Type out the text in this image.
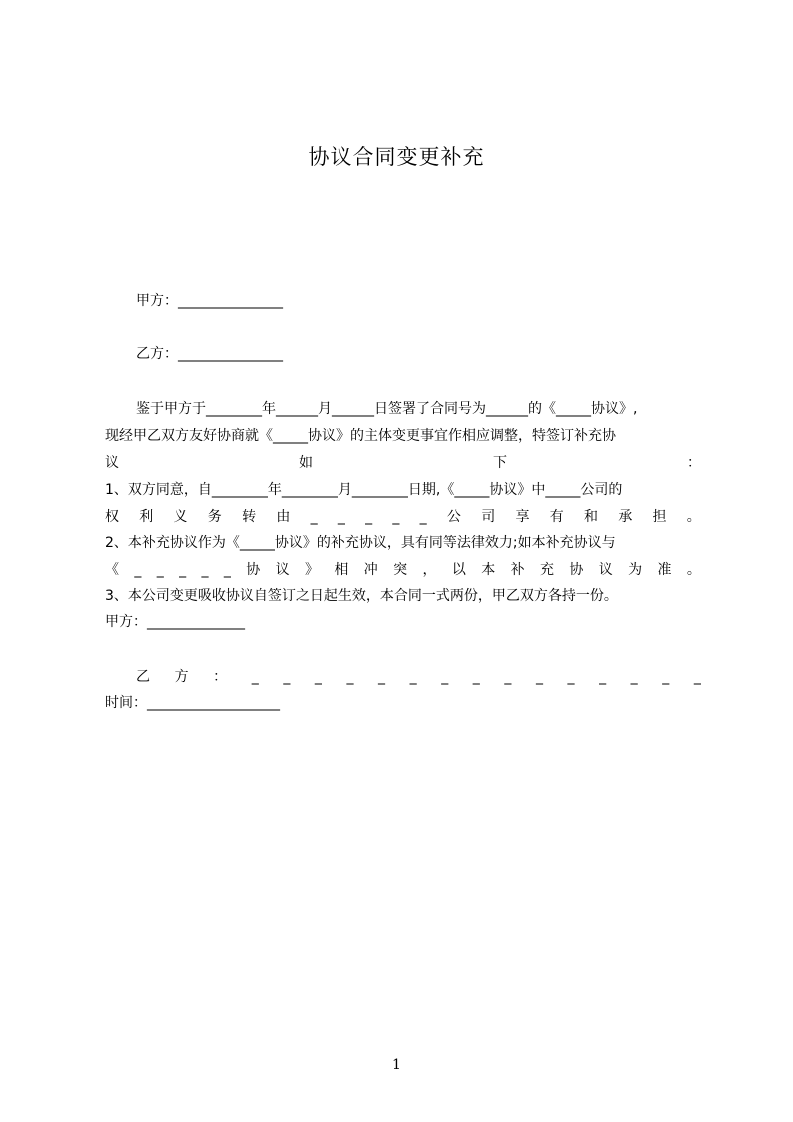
协议合同变更补充
甲方：_______________
乙方：_______________
鉴于甲方于________年______月______日签署了合同号为______的《_____协议》,
现经甲乙双方友好协商就《_____协议》的主体变更事宜作相应调整，特签订补充协
议	如	下	：
1、双方同意，自________年________月________日期,《_____协议》中_____公司的
权 利 义 务 转 由 _ _ _ _ _ 公 司 享 有 和 承 担 。
2、本补充协议作为《_____协议》的补充协议，具有同等法律效力;如本补充协议与
《 _ _ _ _ _ 协 议 》 相 冲 突 ， 以 本 补 充 协 议 为 准 。
3、本公司变更吸收协议自签订之日起生效，本合同一式两份，甲乙双方各持一份。
甲方：______________
乙 方 ： _ _ _ _ _ _ _ _ _ _ _ _ _ _ _
时间：___________________
1
